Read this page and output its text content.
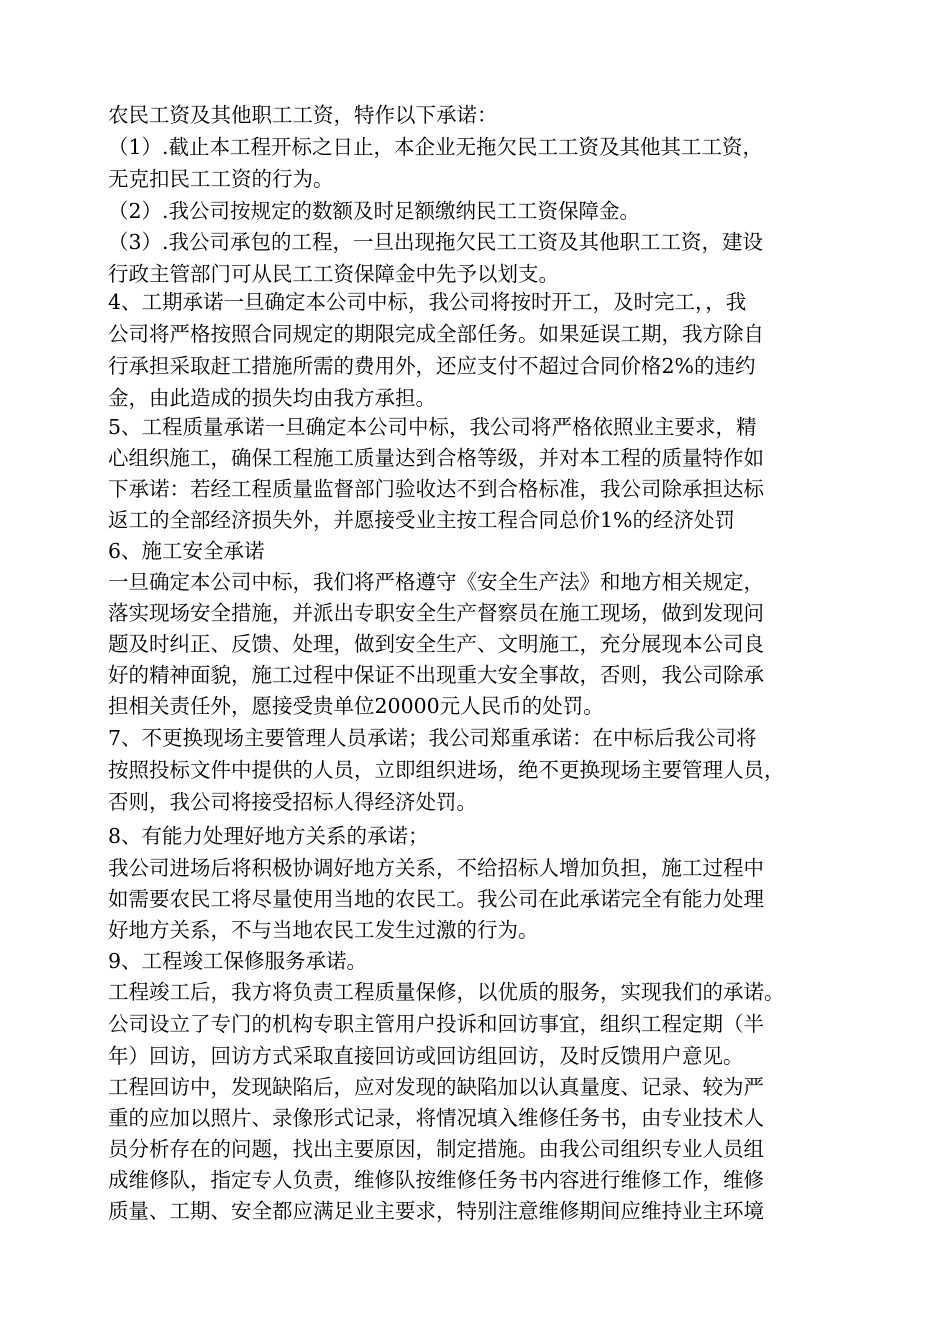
农民工资及其他职工工资，特作以下承诺：
（1）.截止本工程开标之日止，本企业无拖欠民工工资及其他其工工资，
无克扣民工工资的行为。
（2）.我公司按规定的数额及时足额缴纳民工工资保障金。
（3）.我公司承包的工程，一旦出现拖欠民工工资及其他职工工资，建设
行政主管部门可从民工工资保障金中先予以划支。
4、工期承诺一旦确定本公司中标，我公司将按时开工，及时完工，，我
公司将严格按照合同规定的期限完成全部任务。如果延误工期，我方除自
行承担采取赶工措施所需的费用外，还应支付不超过合同价格2%的违约
金，由此造成的损失均由我方承担。
5、工程质量承诺一旦确定本公司中标，我公司将严格依照业主要求，精
心组织施工，确保工程施工质量达到合格等级，并对本工程的质量特作如
下承诺：若经工程质量监督部门验收达不到合格标准，我公司除承担达标
返工的全部经济损失外，并愿接受业主按工程合同总价1%的经济处罚
6、施工安全承诺
一旦确定本公司中标，我们将严格遵守《安全生产法》和地方相关规定，
落实现场安全措施，并派出专职安全生产督察员在施工现场，做到发现问
题及时纠正、反馈、处理，做到安全生产、文明施工，充分展现本公司良
好的精神面貌，施工过程中保证不出现重大安全事故，否则，我公司除承
担相关责任外，愿接受贵单位20000元人民币的处罚。
7、不更换现场主要管理人员承诺；我公司郑重承诺：在中标后我公司将
按照投标文件中提供的人员，立即组织进场，绝不更换现场主要管理人员，
否则，我公司将接受招标人得经济处罚。
8、有能力处理好地方关系的承诺；
我公司进场后将积极协调好地方关系，不给招标人增加负担，施工过程中
如需要农民工将尽量使用当地的农民工。我公司在此承诺完全有能力处理
好地方关系，不与当地农民工发生过激的行为。
9、工程竣工保修服务承诺。
工程竣工后，我方将负责工程质量保修，以优质的服务，实现我们的承诺。
公司设立了专门的机构专职主管用户投诉和回访事宜，组织工程定期（半
年）回访，回访方式采取直接回访或回访组回访，及时反馈用户意见。
工程回访中，发现缺陷后，应对发现的缺陷加以认真量度、记录、较为严
重的应加以照片、录像形式记录，将情况填入维修任务书，由专业技术人
员分析存在的问题，找出主要原因，制定措施。由我公司组织专业人员组
成维修队，指定专人负责，维修队按维修任务书内容进行维修工作，维修
质量、工期、安全都应满足业主要求，特别注意维修期间应维持业主环境
